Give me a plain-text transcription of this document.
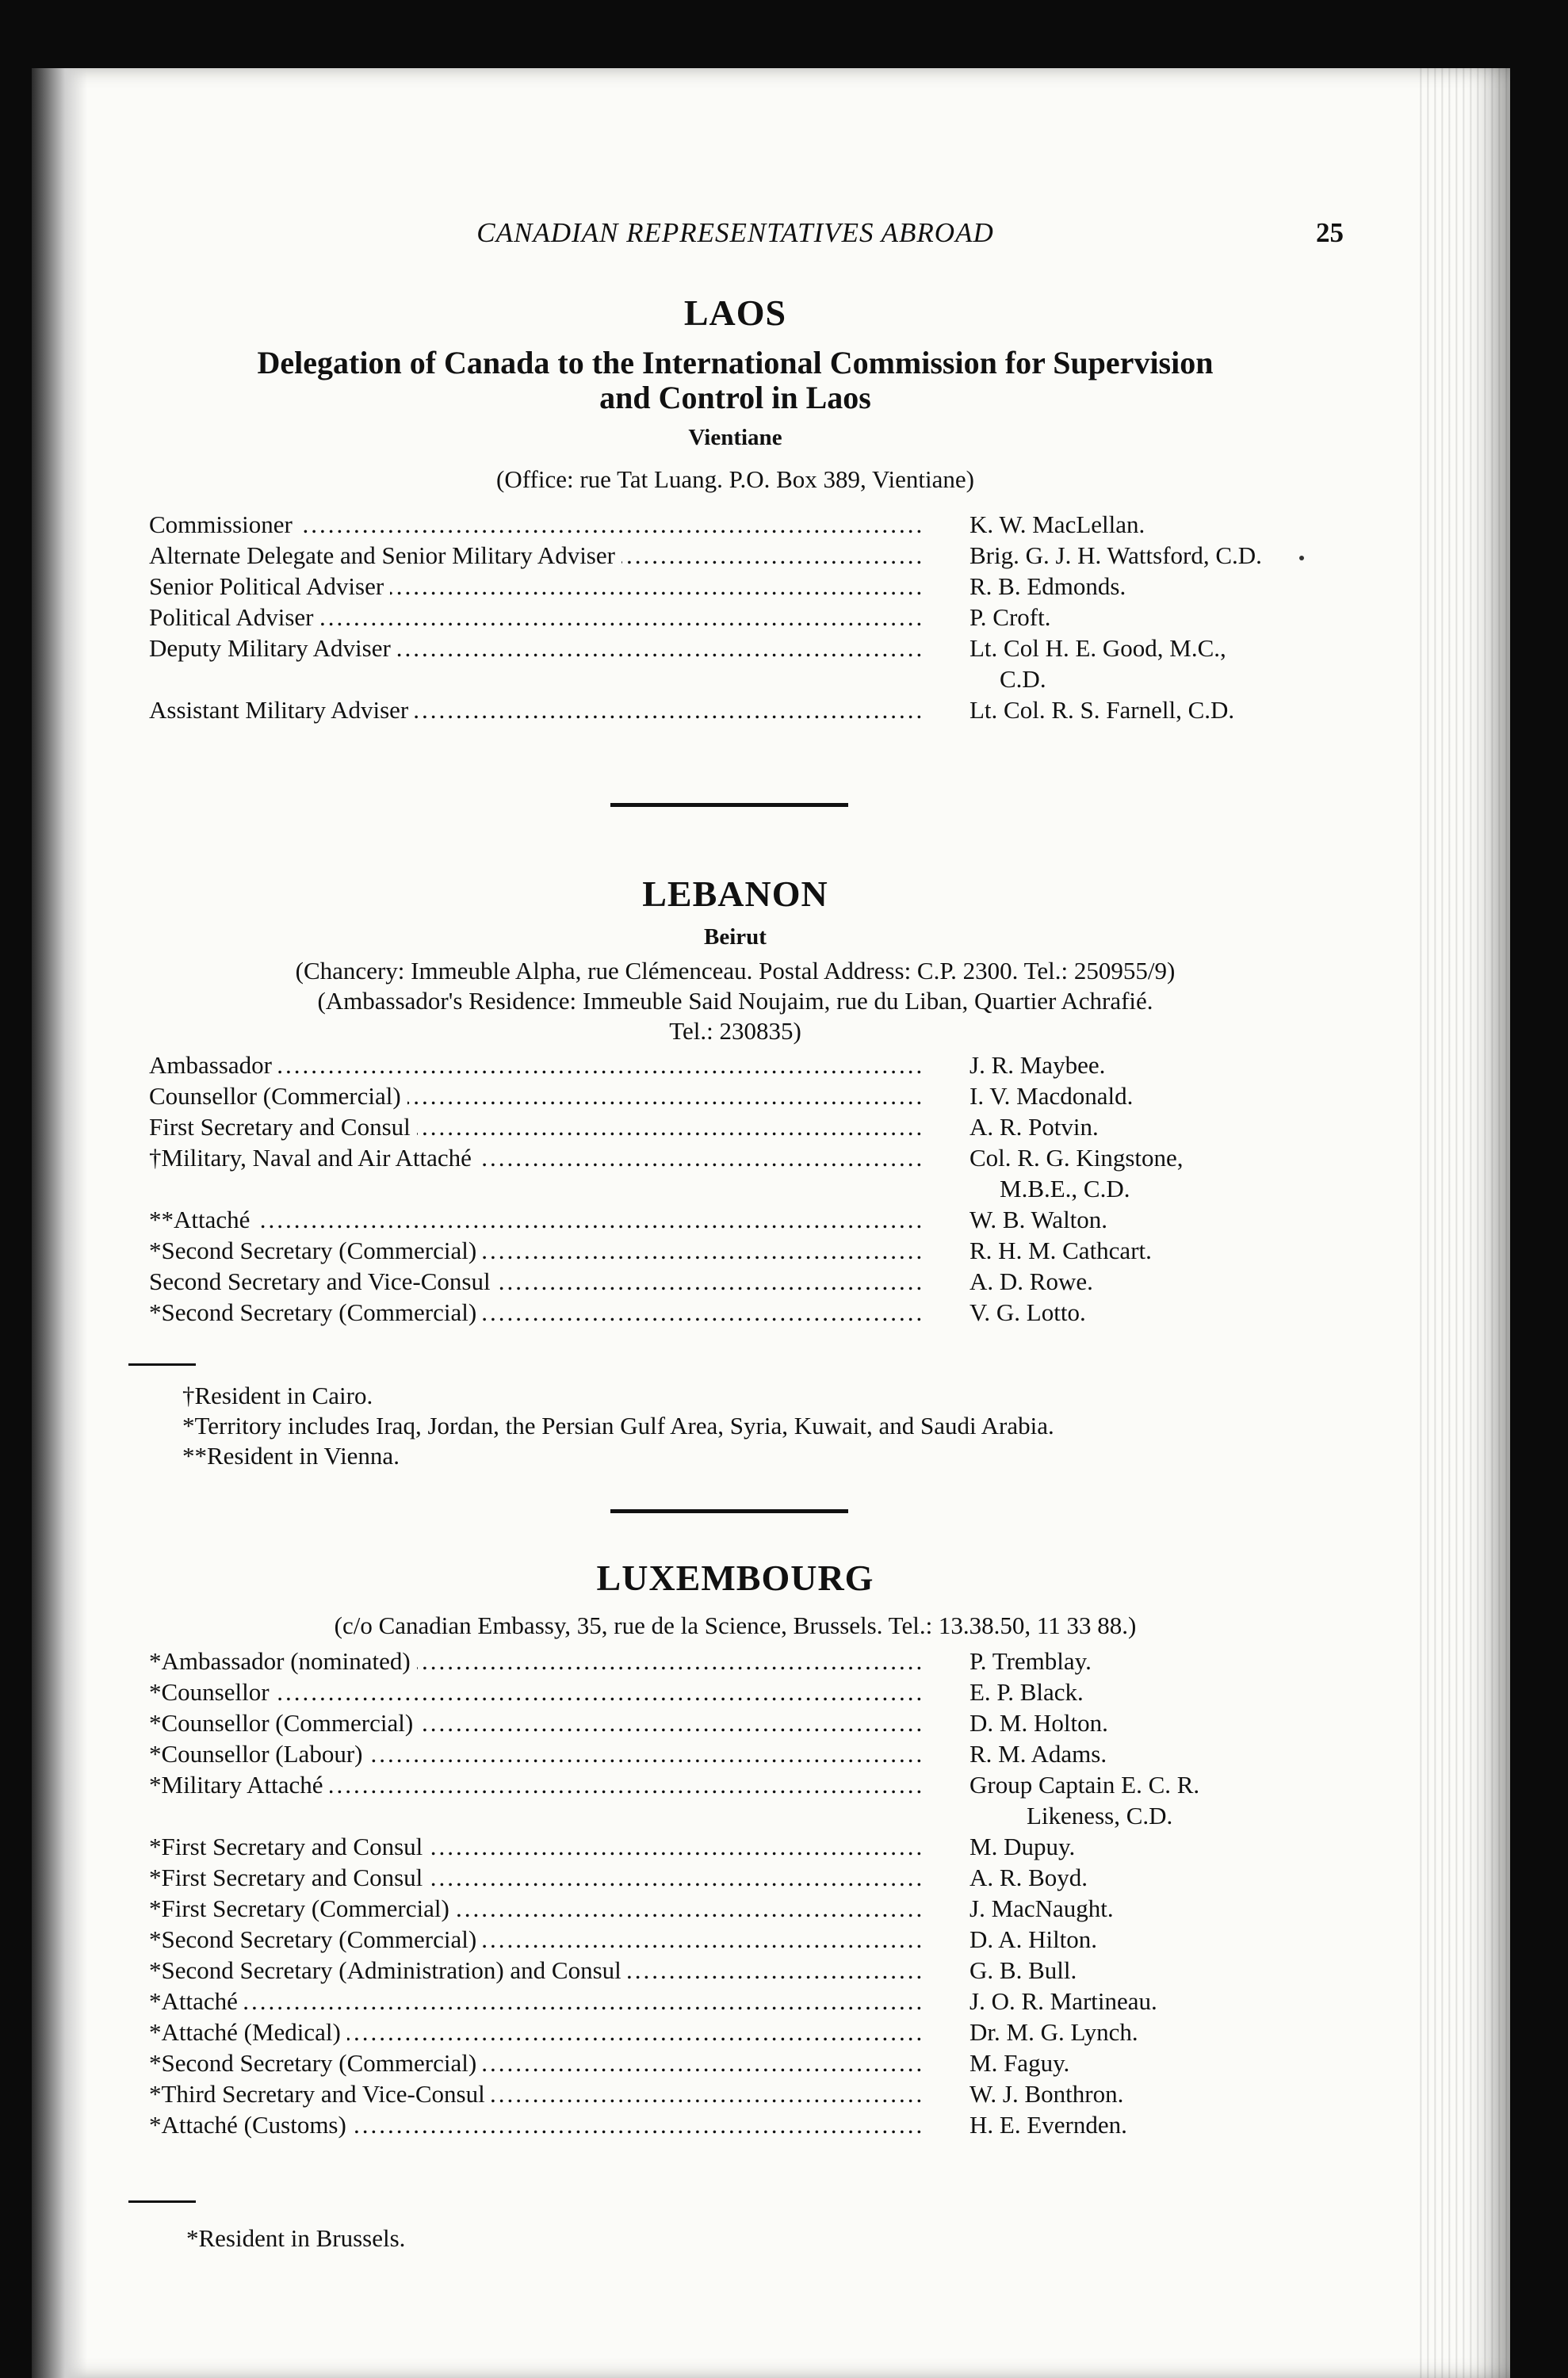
CANADIAN REPRESENTATIVES ABROAD	25
LAOS
Delegation of Canada to the International Commission for Supervision
and Control in Laos
Vientiane
(Office: rue Tat Luang. P.O. Box 389, Vientiane)
Commissioner .....	K. W. MacLellan.
Alternate Delegate and Senior Military Adviser .....	Brig. G. J. H. Wattsford, C.D.
Senior Political Adviser .....	R. B. Edmonds.
Political Adviser .....	P. Croft.
Deputy Military Adviser .....	Lt. Col H. E. Good, M.C.,
C.D.
Assistant Military Adviser .....	Lt. Col. R. S. Farnell, C.D.
LEBANON
Beirut
(Chancery: Immeuble Alpha, rue Clémenceau. Postal Address: C.P. 2300. Tel.: 250955/9)
(Ambassador's Residence: Immeuble Said Noujaim, rue du Liban, Quartier Achrafié.
Tel.: 230835)
Ambassador .....	J. R. Maybee.
Counsellor (Commercial) .....	I. V. Macdonald.
First Secretary and Consul .....	A. R. Potvin.
†Military, Naval and Air Attaché .....	Col. R. G. Kingstone,
M.B.E., C.D.
**Attaché .....	W. B. Walton.
*Second Secretary (Commercial) .....	R. H. M. Cathcart.
Second Secretary and Vice-Consul .....	A. D. Rowe.
*Second Secretary (Commercial) .....	V. G. Lotto.
†Resident in Cairo.
*Territory includes Iraq, Jordan, the Persian Gulf Area, Syria, Kuwait, and Saudi Arabia.
**Resident in Vienna.
LUXEMBOURG
(c/o Canadian Embassy, 35, rue de la Science, Brussels. Tel.: 13.38.50, 11 33 88.)
*Ambassador (nominated) .....	P. Tremblay.
*Counsellor .....	E. P. Black.
*Counsellor (Commercial) .....	D. M. Holton.
*Counsellor (Labour) .....	R. M. Adams.
*Military Attaché .....	Group Captain E. C. R.
Likeness, C.D.
*First Secretary and Consul .....	M. Dupuy.
*First Secretary and Consul .....	A. R. Boyd.
*First Secretary (Commercial) .....	J. MacNaught.
*Second Secretary (Commercial) .....	D. A. Hilton.
*Second Secretary (Administration) and Consul .....	G. B. Bull.
*Attaché .....	J. O. R. Martineau.
*Attaché (Medical) .....	Dr. M. G. Lynch.
*Second Secretary (Commercial) .....	M. Faguy.
*Third Secretary and Vice-Consul .....	W. J. Bonthron.
*Attaché (Customs) .....	H. E. Evernden.
*Resident in Brussels.
